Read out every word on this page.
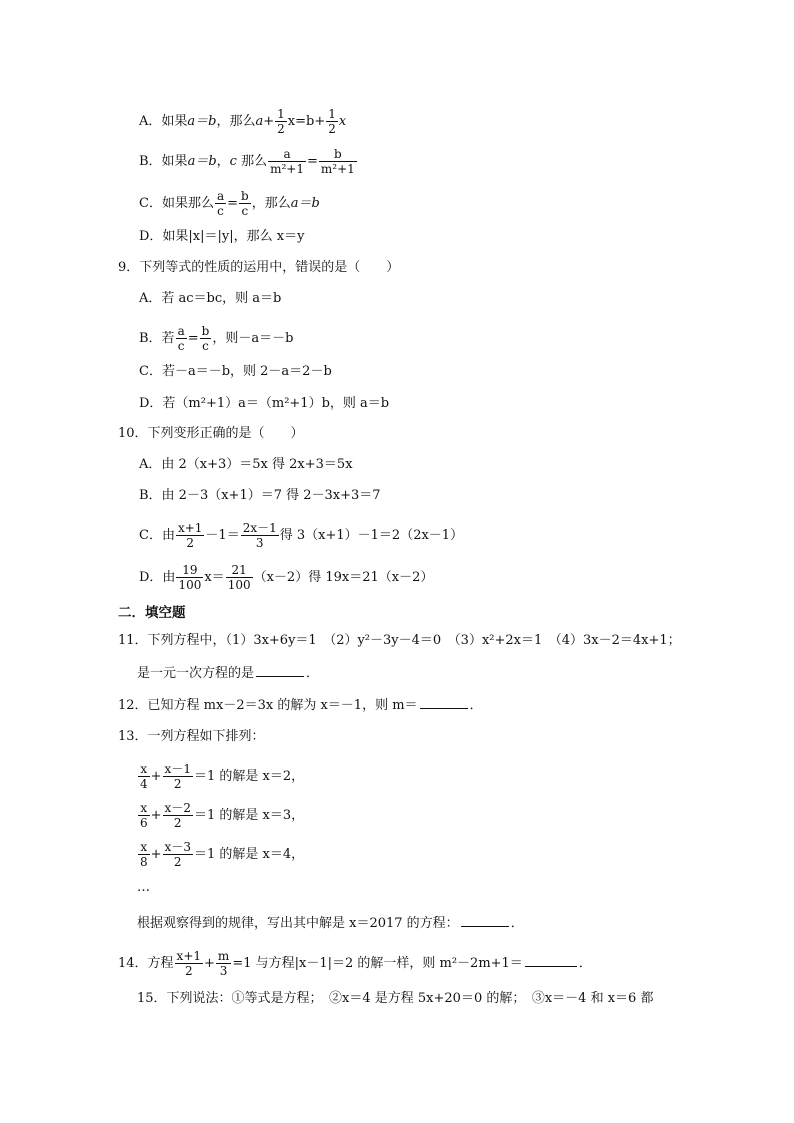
A．如果a＝b，那么$a+ \frac{1}{2} x=b+ \frac{1}{2}$ x
B．如果a＝b，c 那么 $\frac{a}{\text{m²+1}} = \frac{b}{\text{m²+1}}$
C．如果那么 $\frac{a}{c} = \frac{b}{c}$ ，那么a＝b
D．如果|x|＝|y|，那么 x＝y
9．下列等式的性质的运用中，错误的是（　　）
A．若 ac＝bc，则 a＝b
B．若 $\frac{a}{c} = \frac{b}{c}$ ，则－a＝－b
C．若－a＝－b，则 2－a＝2－b
D．若（m²+1）a＝（m²+1）b，则 a＝b
10．下列变形正确的是（　　）
A．由 2（x+3）＝5x 得 2x+3＝5x
B．由 2－3（x+1）＝7 得 2－3x+3＝7
C．由 $\frac{x+1}{2} -1= \frac{2x-1}{3}$ 得 3（x+1）－1＝2（2x－1）
D．由 $\frac{19}{100} x= \frac{21}{100} (x-2)$得 19x＝21（x－2）
二．填空题
11．下列方程中，（1）3x+6y＝1　（2）y²－3y－4＝0　（3）x²+2x＝1　（4）3x－2＝4x+1；
是一元一次方程的是	．
12．已知方程 mx－2＝3x 的解为 x＝－1，则 m＝	．
13．一列方程如下排列：
$\frac{x}{4} + \frac{x-1}{2} =1$ 的解是 x＝2，
$\frac{x}{6} + \frac{x-2}{2} =1$ 的解是 x＝3，
$\frac{x}{8} + \frac{x-3}{2} =1$ 的解是 x＝4，
…
根据观察得到的规律，写出其中解是 x＝2017 的方程：	．
14．方程 $\frac{x+1}{2} + \frac{m}{3} =1$ 与方程|x－1|＝2 的解一样，则 m²－2m+1＝	．
15．下列说法：①等式是方程；　②x＝4 是方程 5x+20＝0 的解；　③x＝－4 和 x＝6 都
